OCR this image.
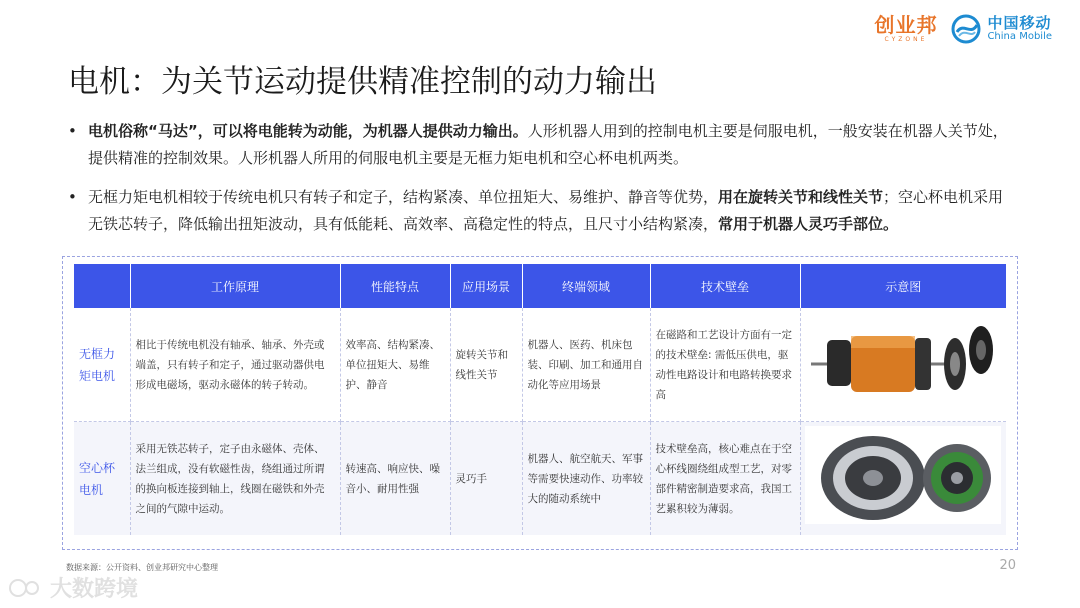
创业邦
CYZONE
中国移动
China Mobile
电机：为关节运动提供精准控制的动力输出
• 电机俗称“马达”，可以将电能转为动能，为机器人提供动力输出。人形机器人用到的控制电机主要是伺服电机，一般安装在机器人关节处，提供精准的控制效果。人形机器人所用的伺服电机主要是无框力矩电机和空心杯电机两类。
• 无框力矩电机相较于传统电机只有转子和定子，结构紧凑、单位扭矩大、易维护、静音等优势，用在旋转关节和线性关节；空心杯电机采用无铁芯转子，降低输出扭矩波动，具有低能耗、高效率、高稳定性的特点，且尺寸小结构紧凑，常用于机器人灵巧手部位。
	工作原理	性能特点	应用场景	终端领域	技术壁垒	示意图
无框力矩电机	相比于传统电机没有轴承、轴承、外壳或端盖，只有转子和定子，通过驱动器供电形成电磁场，驱动永磁体的转子转动。	效率高、结构紧凑、单位扭矩大、易维护、静音	旋转关节和线性关节	机器人、医药、机床包装、印刷、加工和通用自动化等应用场景	在磁路和工艺设计方面有一定的技术壁垒: 需低压供电，驱动性电路设计和电路转换要求高	
空心杯电机	采用无铁芯转子，定子由永磁体、壳体、法兰组成，没有软磁性齿，绕组通过所谓的换向板连接到轴上，线圈在磁铁和外壳之间的气隙中运动。	转速高、响应快、噪音小、耐用性强	灵巧手	机器人、航空航天、军事等需要快速动作、功率较大的随动系统中	技术壁垒高，核心难点在于空心杯线圈绕组成型工艺，对零部件精密制造要求高，我国工艺累积较为薄弱。	
数据来源：公开资料、创业邦研究中心整理	20
大数跨境
